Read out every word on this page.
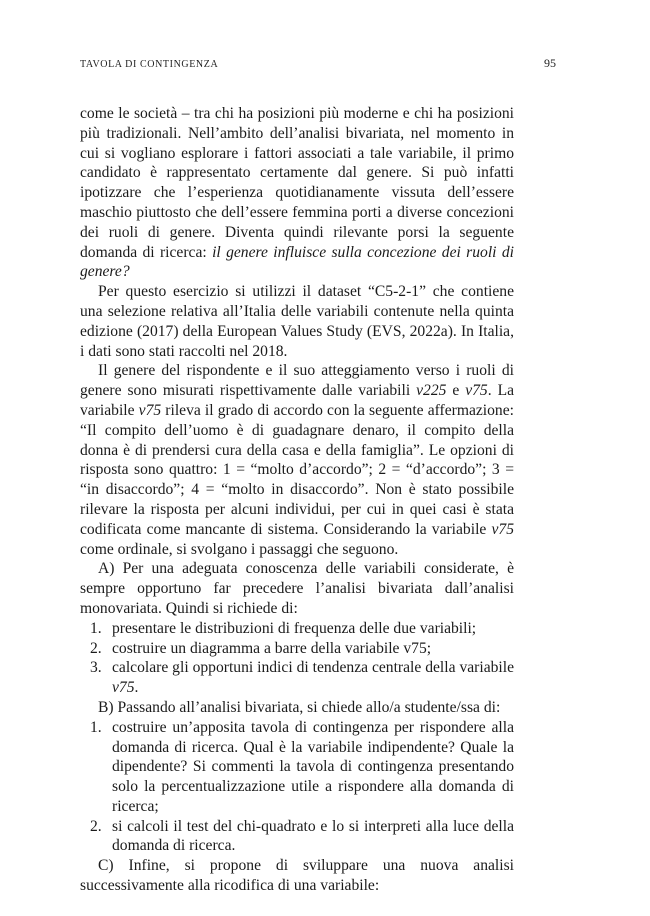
TAVOLA DI CONTINGENZA	95

come le società – tra chi ha posizioni più moderne e chi ha posizioni più tradizionali. Nell’ambito dell’analisi bivariata, nel momento in cui si vogliano esplorare i fattori associati a tale variabile, il primo candidato è rappresentato certamente dal genere. Si può infatti ipotizzare che l’esperienza quotidianamente vissuta dell’essere maschio piuttosto che dell’essere femmina porti a diverse concezioni dei ruoli di genere. Diventa quindi rilevante porsi la seguente domanda di ricerca: il genere influisce sulla concezione dei ruoli di genere?

Per questo esercizio si utilizzi il dataset “C5-2-1” che contiene una selezione relativa all’Italia delle variabili contenute nella quinta edizione (2017) della European Values Study (EVS, 2022a). In Italia, i dati sono stati raccolti nel 2018.

Il genere del rispondente e il suo atteggiamento verso i ruoli di genere sono misurati rispettivamente dalle variabili v225 e v75. La variabile v75 rileva il grado di accordo con la seguente affermazione: “Il compito dell’uomo è di guadagnare denaro, il compito della donna è di prendersi cura della casa e della famiglia”. Le opzioni di risposta sono quattro: 1 = “molto d’accordo”; 2 = “d’accordo”; 3 = “in disaccordo”; 4 = “molto in disaccordo”. Non è stato possibile rilevare la risposta per alcuni individui, per cui in quei casi è stata codificata come mancante di sistema. Considerando la variabile v75 come ordinale, si svolgano i passaggi che seguono.

A) Per una adeguata conoscenza delle variabili considerate, è sempre opportuno far precedere l’analisi bivariata dall’analisi monovariata. Quindi si richiede di:

1. presentare le distribuzioni di frequenza delle due variabili;
2. costruire un diagramma a barre della variabile v75;
3. calcolare gli opportuni indici di tendenza centrale della variabile v75.

B) Passando all’analisi bivariata, si chiede allo/a studente/ssa di:

1. costruire un’apposita tavola di contingenza per rispondere alla domanda di ricerca. Qual è la variabile indipendente? Quale la dipendente? Si commenti la tavola di contingenza presentando solo la percentualizzazione utile a rispondere alla domanda di ricerca;
2. si calcoli il test del chi-quadrato e lo si interpreti alla luce della domanda di ricerca.

C) Infine, si propone di sviluppare una nuova analisi successivamente alla ricodifica di una variabile:
